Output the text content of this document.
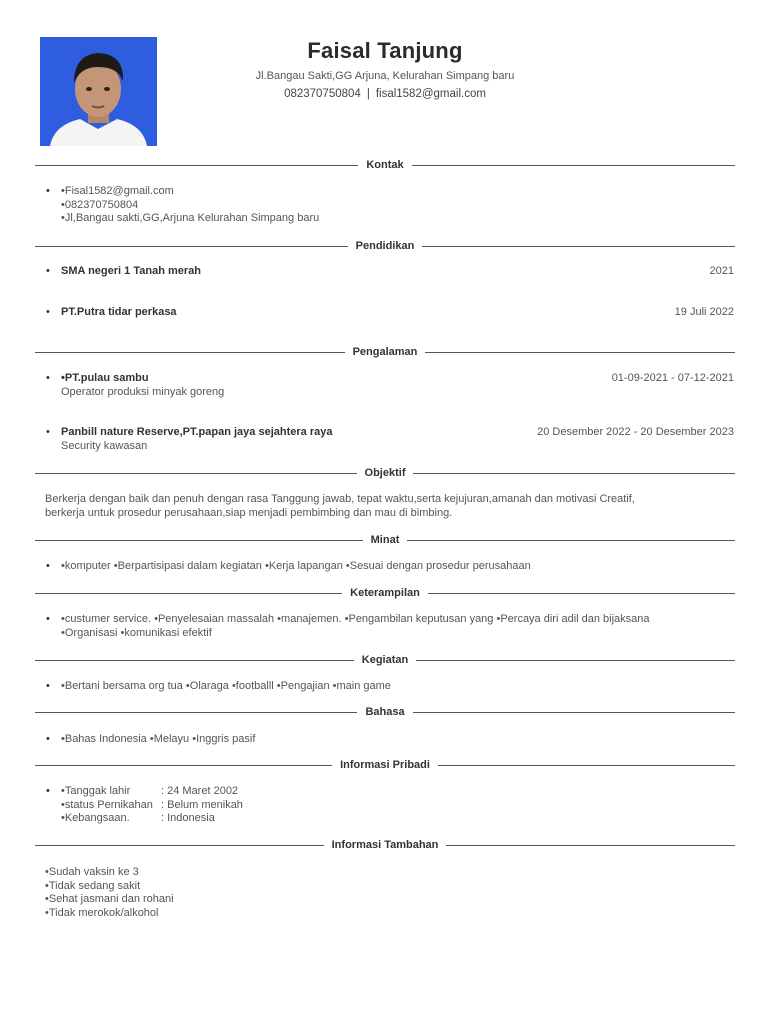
Faisal Tanjung
Jl.Bangau Sakti,GG Arjuna, Kelurahan Simpang baru
082370750804 | fisal1582@gmail.com
Kontak
• •Fisal1582@gmail.com
•082370750804
•Jl,Bangau sakti,GG,Arjuna Kelurahan Simpang baru
Pendidikan
• SMA negeri 1 Tanah merah	2021
• PT.Putra tidar perkasa	19 Juli 2022
Pengalaman
• •PT.pulau sambu
Operator produksi minyak goreng
01-09-2021 - 07-12-2021
• Panbill nature Reserve,PT.papan jaya sejahtera raya
Security kawasan
20 Desember 2022 - 20 Desember 2023
Objektif
Berkerja dengan baik dan penuh dengan rasa Tanggung jawab, tepat waktu,serta kejujuran,amanah dan motivasi Creatif,
berkerja untuk prosedur perusahaan,siap menjadi pembimbing dan mau di bimbing.
Minat
• •komputer •Berpartisipasi dalam kegiatan •Kerja lapangan •Sesuai dengan prosedur perusahaan
Keterampilan
• •custumer service. •Penyelesaian massalah •manajemen. •Pengambilan keputusan yang •Percaya diri adil dan bijaksana
•Organisasi •komunikasi efektif
Kegiatan
• •Bertani bersama org tua •Olaraga •footballl •Pengajian •main game
Bahasa
• •Bahas Indonesia •Melayu •Inggris pasif
Informasi Pribadi
• •Tanggak lahir	: 24 Maret 2002
•status Pernikahan : Belum menikah
•Kebangsaan.	: Indonesia
Informasi Tambahan
•Sudah vaksin ke 3
•Tidak sedang sakit
•Sehat jasmani dan rohani
•Tidak merokok/alkohol
